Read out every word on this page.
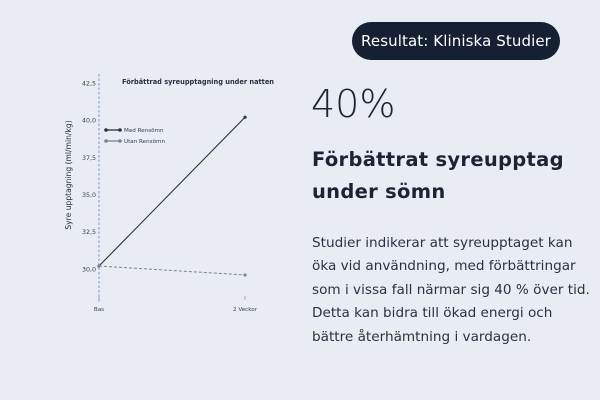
Resultat: Kliniska Studier
30,0
32,5
35,0
37,5
40,0
42,5
Bas	2 Veckor
Med Rensömn
Utan Rensömn
Förbättrad syreupptagning under natten
Syre upptagning (ml/min/kg)
40%
Förbättrat syreupptag under sömn
Studier indikerar att syreupptaget kan öka vid användning, med förbättringar som i vissa fall närmar sig 40 % över tid. Detta kan bidra till ökad energi och bättre återhämtning i vardagen.
